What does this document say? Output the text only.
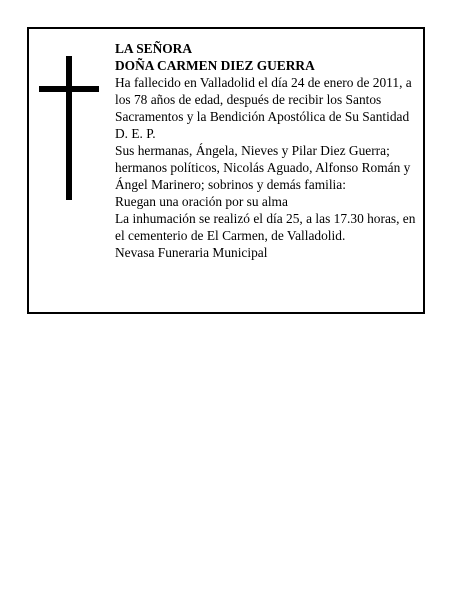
LA SEÑORA

DOÑA CARMEN DIEZ GUERRA

Ha fallecido en Valladolid el día 24 de enero de 2011, a los 78 años de edad, después de recibir los Santos Sacramentos y la Bendición Apostólica de Su Santidad

D. E. P.

Sus hermanas, Ángela, Nieves y Pilar Diez Guerra; hermanos políticos, Nicolás Aguado, Alfonso Román y Ángel Marinero; sobrinos y demás familia:

Ruegan una oración por su alma

La inhumación se realizó el día 25, a las 17.30 horas, en el cementerio de El Carmen, de Valladolid.

Nevasa Funeraria Municipal
